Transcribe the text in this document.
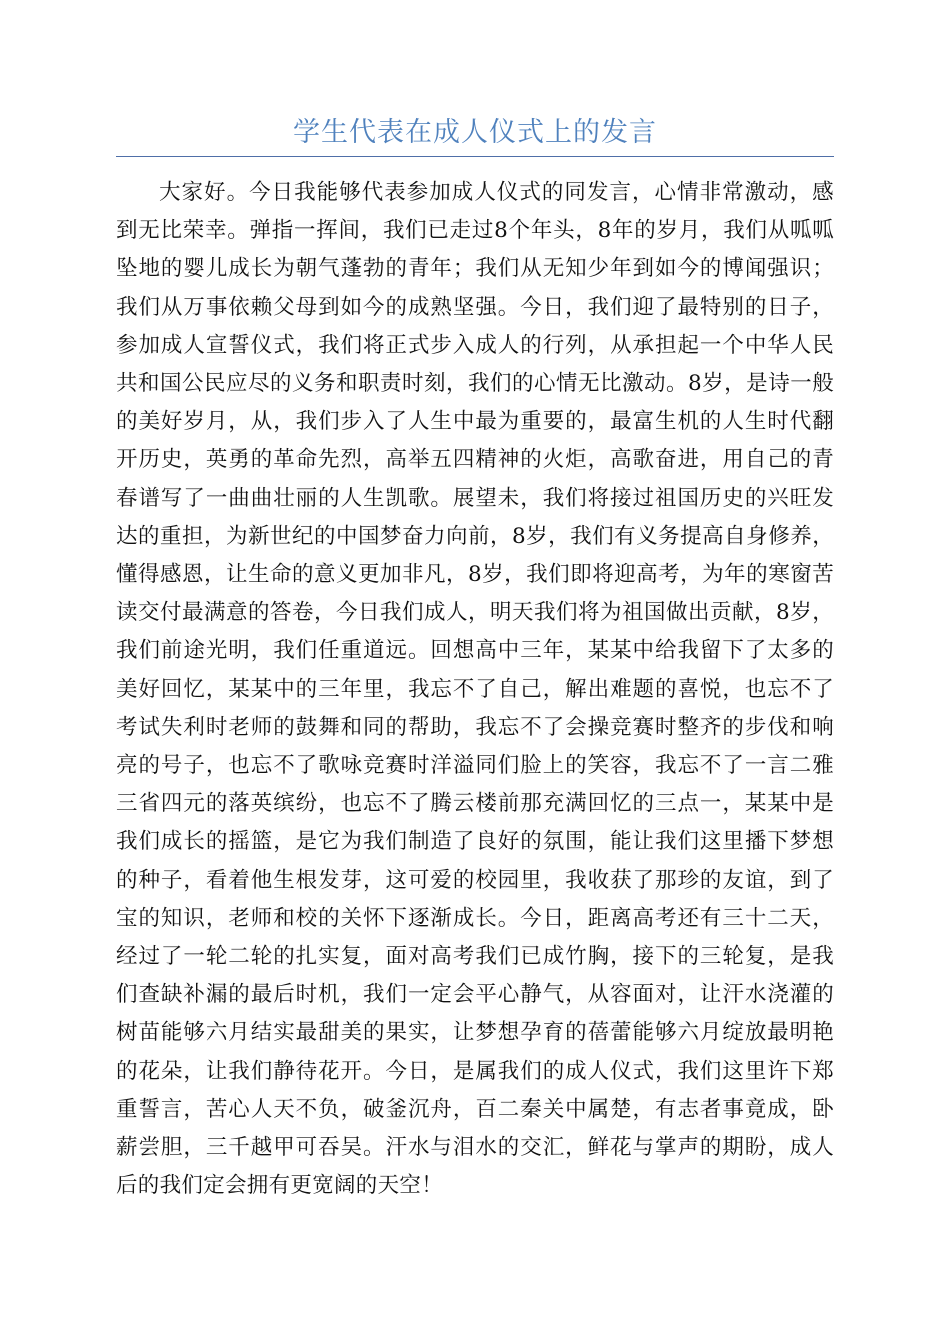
学生代表在成人仪式上的发言

大家好。今日我能够代表参加成人仪式的同发言，心情非常激动，感到无比荣幸。弹指一挥间，我们已走过8个年头，8年的岁月，我们从呱呱坠地的婴儿成长为朝气蓬勃的青年；我们从无知少年到如今的博闻强识；我们从万事依赖父母到如今的成熟坚强。今日，我们迎了最特别的日子，参加成人宣誓仪式，我们将正式步入成人的行列，从承担起一个中华人民共和国公民应尽的义务和职责时刻，我们的心情无比激动。8岁，是诗一般的美好岁月，从，我们步入了人生中最为重要的，最富生机的人生时代翻开历史，英勇的革命先烈，高举五四精神的火炬，高歌奋进，用自己的青春谱写了一曲曲壮丽的人生凯歌。展望未，我们将接过祖国历史的兴旺发达的重担，为新世纪的中国梦奋力向前，8岁，我们有义务提高自身修养，懂得感恩，让生命的意义更加非凡，8岁，我们即将迎高考，为年的寒窗苦读交付最满意的答卷，今日我们成人，明天我们将为祖国做出贡献，8岁，我们前途光明，我们任重道远。回想高中三年，某某中给我留下了太多的美好回忆，某某中的三年里，我忘不了自己，解出难题的喜悦，也忘不了考试失利时老师的鼓舞和同的帮助，我忘不了会操竞赛时整齐的步伐和响亮的号子，也忘不了歌咏竞赛时洋溢同们脸上的笑容，我忘不了一言二雅三省四元的落英缤纷，也忘不了腾云楼前那充满回忆的三点一，某某中是我们成长的摇篮，是它为我们制造了良好的氛围，能让我们这里播下梦想的种子，看着他生根发芽，这可爱的校园里，我收获了那珍的友谊，到了宝的知识，老师和校的关怀下逐渐成长。今日，距离高考还有三十二天，经过了一轮二轮的扎实复，面对高考我们已成竹胸，接下的三轮复，是我们查缺补漏的最后时机，我们一定会平心静气，从容面对，让汗水浇灌的树苗能够六月结实最甜美的果实，让梦想孕育的蓓蕾能够六月绽放最明艳的花朵，让我们静待花开。今日，是属我们的成人仪式，我们这里许下郑重誓言，苦心人天不负，破釜沉舟，百二秦关中属楚，有志者事竟成，卧薪尝胆，三千越甲可吞吴。汗水与泪水的交汇，鲜花与掌声的期盼，成人后的我们定会拥有更宽阔的天空！
